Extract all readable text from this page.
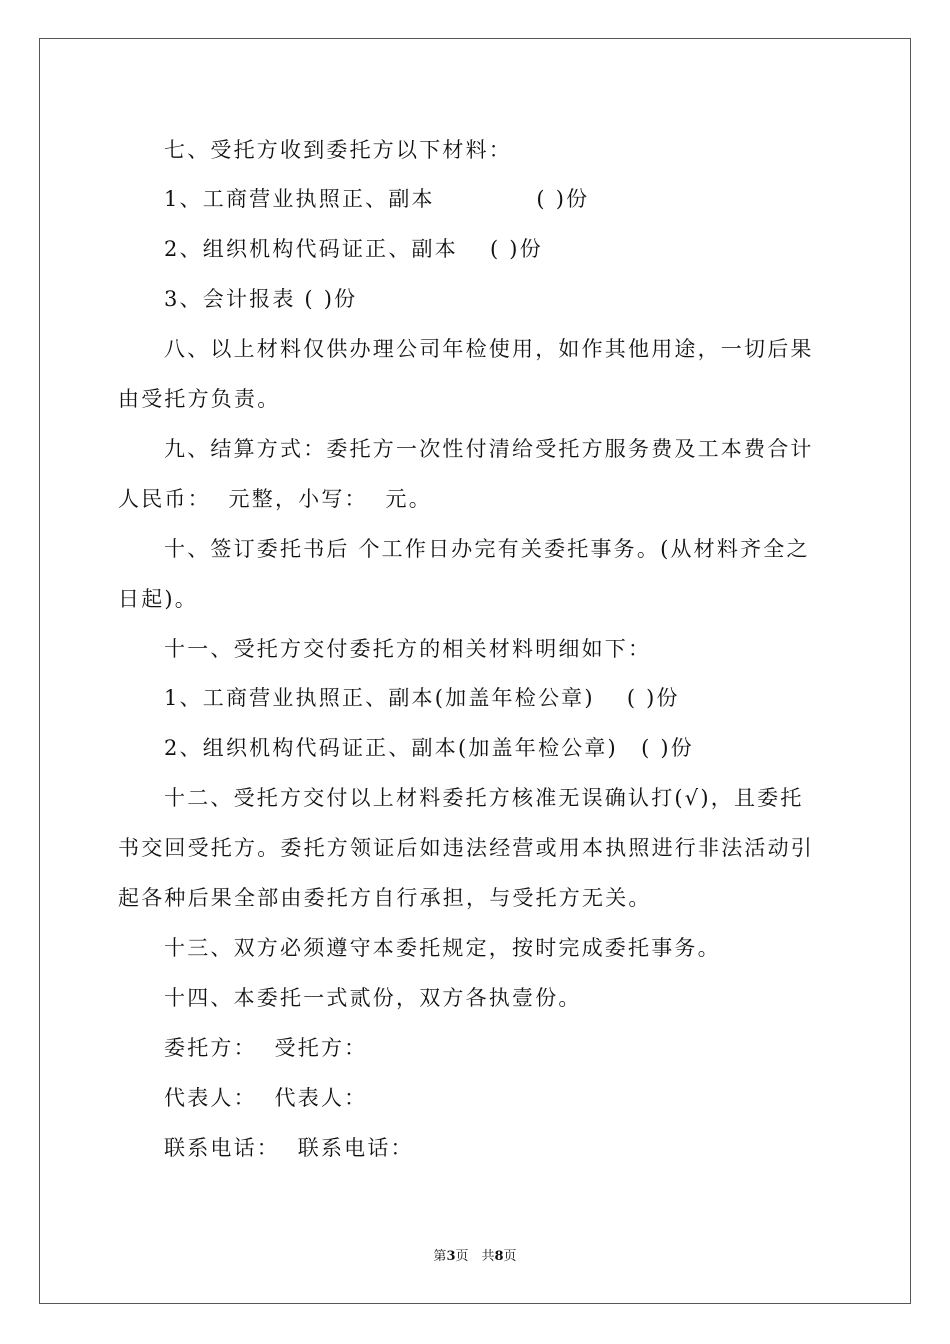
七、受托方收到委托方以下材料：
1、工商营业执照正、副本　　　　 ( )份
2、组织机构代码证正、副本　 ( )份
3、会计报表 ( )份
八、以上材料仅供办理公司年检使用，如作其他用途，一切后果
由受托方负责。
九、结算方式：委托方一次性付清给受托方服务费及工本费合计
人民币：  元整，小写：  元。
十、签订委托书后 个工作日办完有关委托事务。(从材料齐全之
日起)。
十一、受托方交付委托方的相关材料明细如下：
1、工商营业执照正、副本(加盖年检公章)　 ( )份
2、组织机构代码证正、副本(加盖年检公章)　( )份
十二、受托方交付以上材料委托方核准无误确认打(√)，且委托
书交回受托方。委托方领证后如违法经营或用本执照进行非法活动引
起各种后果全部由委托方自行承担，与受托方无关。
十三、双方必须遵守本委托规定，按时完成委托事务。
十四、本委托一式贰份，双方各执壹份。
委托方：  受托方：
代表人：  代表人：
联系电话：  联系电话：
第3页　共8页
